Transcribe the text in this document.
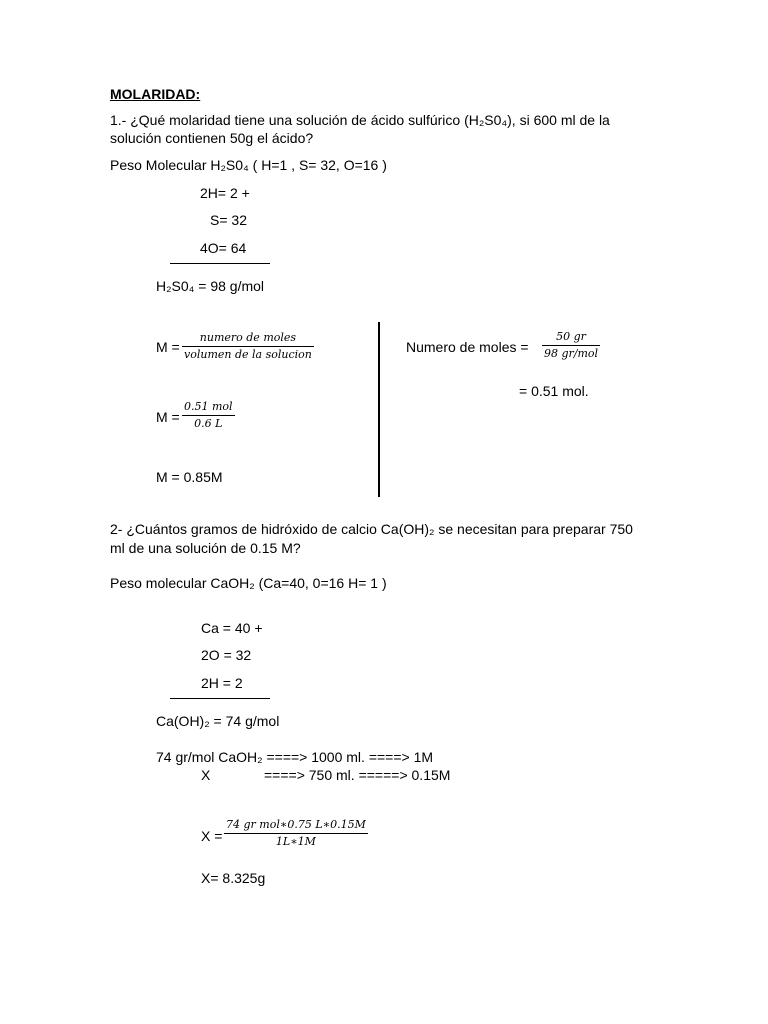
MOLARIDAD:
1.- ¿Qué molaridad tiene una solución de ácido sulfúrico (H₂S0₄), si 600 ml de la
solución contienen 50g el ácido?
Peso Molecular H₂S0₄ ( H=1 , S= 32, O=16 )
2H= 2 +
S= 32
4O= 64
H₂S0₄ = 98 g/mol
M =
numero de moles
volumen de la solucion
M =
0.51 mol
0.6 L
M = 0.85M
Numero de moles =
50 gr
98 gr/mol
= 0.51 mol.
2- ¿Cuántos gramos de hidróxido de calcio Ca(OH)₂ se necesitan para preparar 750
ml de una solución de 0.15 M?
Peso molecular CaOH₂ (Ca=40, 0=16 H= 1 )
Ca = 40 +
2O = 32
2H = 2
Ca(OH)₂ = 74 g/mol
74 gr/mol CaOH₂ ====> 1000 ml. ====> 1M
X	====> 750 ml. =====> 0.15M
X =
74 gr mol∗0.75 L∗0.15M
1L∗1M
X= 8.325g
